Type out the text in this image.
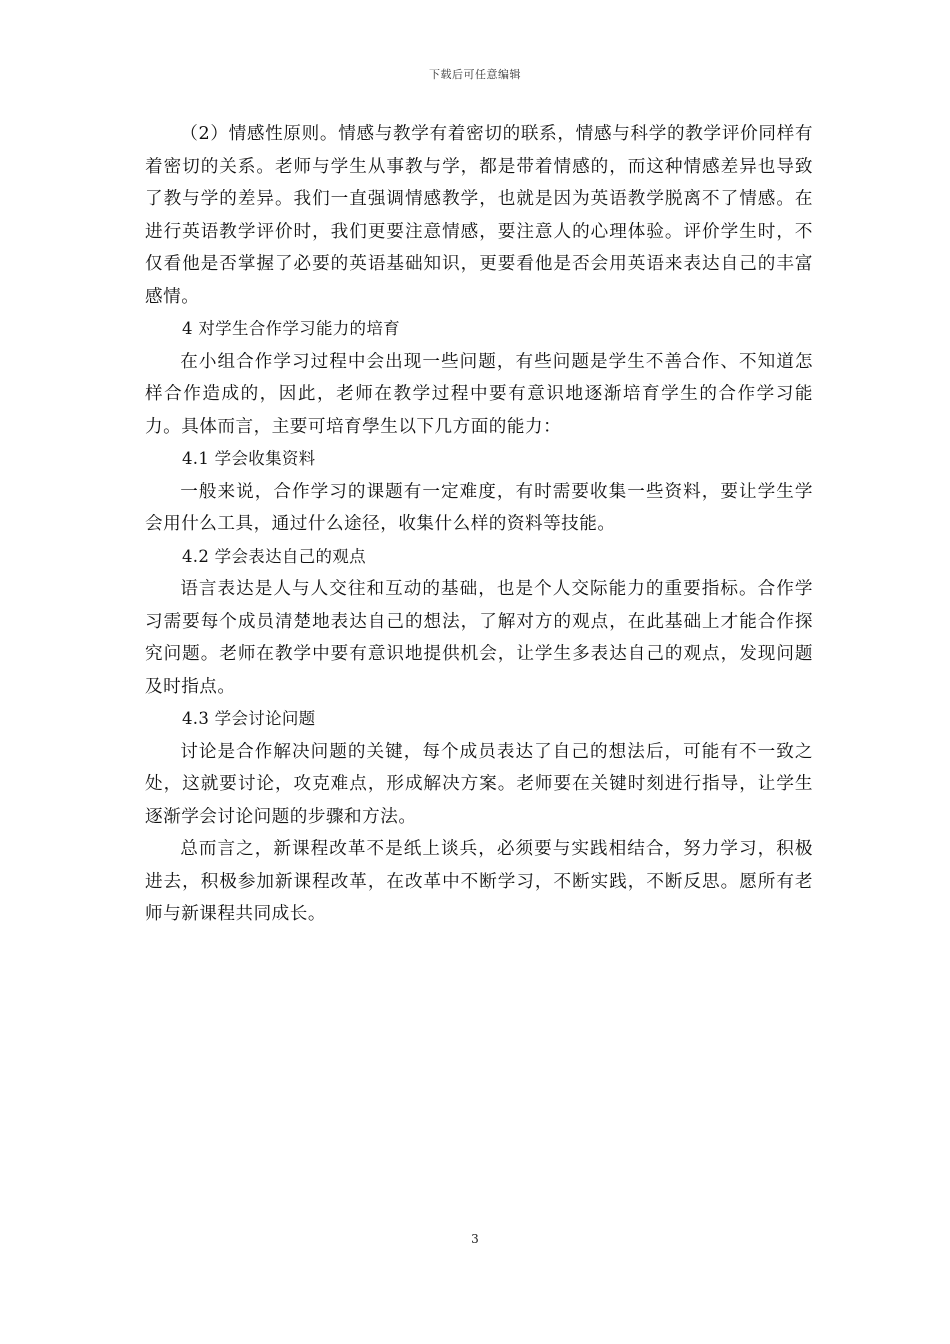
下载后可任意编辑

（2）情感性原则。情感与教学有着密切的联系，情感与科学的教学评价同样有着密切的关系。老师与学生从事教与学，都是带着情感的，而这种情感差异也导致了教与学的差异。我们一直强调情感教学，也就是因为英语教学脱离不了情感。在进行英语教学评价时，我们更要注意情感，要注意人的心理体验。评价学生时，不仅看他是否掌握了必要的英语基础知识，更要看他是否会用英语来表达自己的丰富感情。

4 对学生合作学习能力的培育

在小组合作学习过程中会出现一些问题，有些问题是学生不善合作、不知道怎样合作造成的，因此，老师在教学过程中要有意识地逐渐培育学生的合作学习能力。具体而言，主要可培育學生以下几方面的能力：

4.1 学会收集资料

一般来说，合作学习的课题有一定难度，有时需要收集一些资料，要让学生学会用什么工具，通过什么途径，收集什么样的资料等技能。

4.2 学会表达自己的观点

语言表达是人与人交往和互动的基础，也是个人交际能力的重要指标。合作学习需要每个成员清楚地表达自己的想法，了解对方的观点，在此基础上才能合作探究问题。老师在教学中要有意识地提供机会，让学生多表达自己的观点，发现问题及时指点。

4.3 学会讨论问题

讨论是合作解决问题的关键，每个成员表达了自己的想法后，可能有不一致之处，这就要讨论，攻克难点，形成解决方案。老师要在关键时刻进行指导，让学生逐渐学会讨论问题的步骤和方法。

总而言之，新课程改革不是纸上谈兵，必须要与实践相结合，努力学习，积极进去，积极参加新课程改革，在改革中不断学习，不断实践，不断反思。愿所有老师与新课程共同成长。

3
